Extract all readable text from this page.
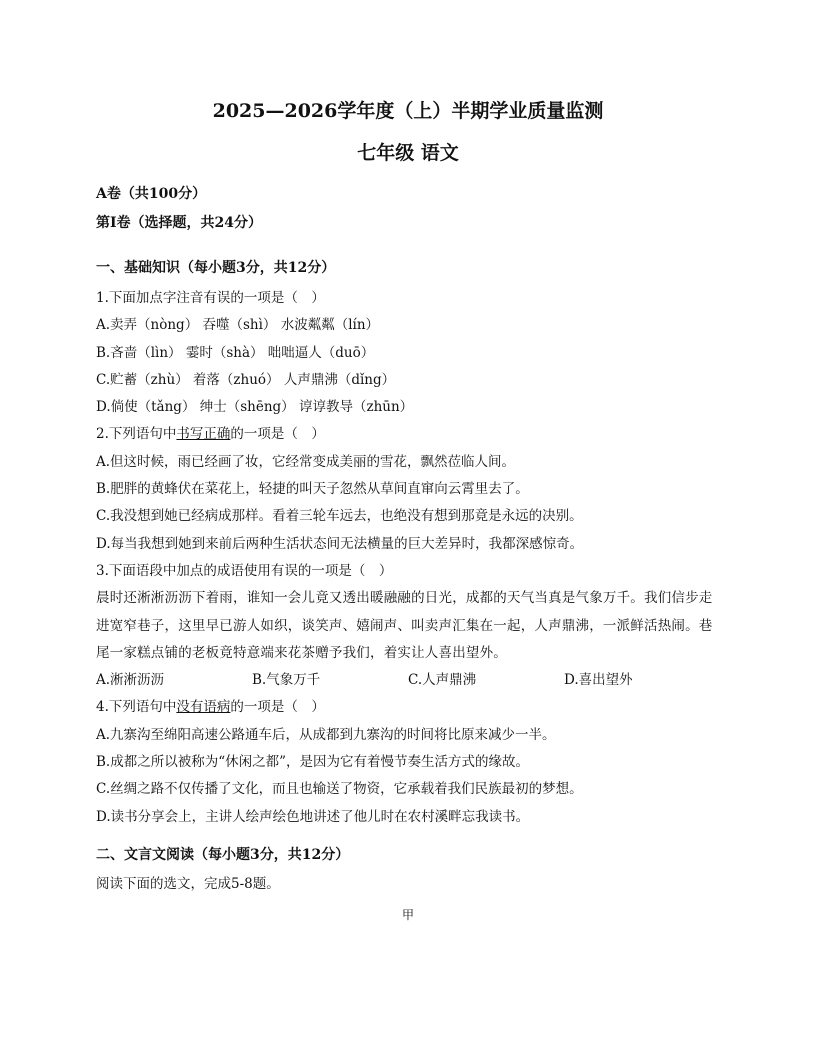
2025—2026学年度（上）半期学业质量监测
七年级 语文

A卷（共100分）

第Ⅰ卷（选择题，共24分）

一、基础知识（每小题3分，共12分）

1.下面加点字注音有误的一项是（　）

A.卖弄（nòng） 吞噬（shì） 水波粼粼（lín）

B.吝啬（lìn） 霎时（shà） 咄咄逼人（duō）

C.贮蓄（zhù） 着落（zhuó） 人声鼎沸（dǐng）

D.倘使（tǎng） 绅士（shēng） 谆谆教导（zhūn）

2.下列语句中书写正确的一项是（　）

A.但这时候，雨已经画了妆，它经常变成美丽的雪花，飘然莅临人间。

B.肥胖的黄蜂伏在菜花上，轻捷的叫天子忽然从草间直窜向云霄里去了。

C.我没想到她已经病成那样。看着三轮车远去，也绝没有想到那竟是永远的决别。

D.每当我想到她到来前后两种生活状态间无法横量的巨大差异时，我都深感惊奇。

3.下面语段中加点的成语使用有误的一项是（　）

晨时还淅淅沥沥下着雨，谁知一会儿竟又透出暖融融的日光，成都的天气当真是气象万千。我们信步走进宽窄巷子，这里早已游人如织，谈笑声、嬉闹声、叫卖声汇集在一起，人声鼎沸，一派鲜活热闹。巷尾一家糕点铺的老板竟特意端来花茶赠予我们，着实让人喜出望外。

A.淅淅沥沥	B.气象万千	C.人声鼎沸	D.喜出望外

4.下列语句中没有语病的一项是（　）

A.九寨沟至绵阳高速公路通车后，从成都到九寨沟的时间将比原来减少一半。

B.成都之所以被称为“休闲之都”，是因为它有着慢节奏生活方式的缘故。

C.丝绸之路不仅传播了文化，而且也输送了物资，它承载着我们民族最初的梦想。

D.读书分享会上，主讲人绘声绘色地讲述了他儿时在农村溪畔忘我读书。

二、文言文阅读（每小题3分，共12分）

阅读下面的选文，完成5-8题。

甲
